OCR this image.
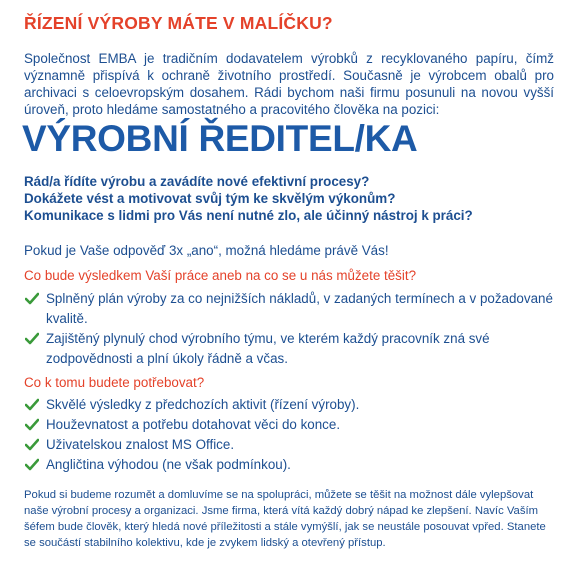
ŘÍZENÍ VÝROBY MÁTE V MALÍČKU?
Společnost EMBA je tradičním dodavatelem výrobků z recyklovaného papíru, čímž významně přispívá k ochraně životního prostředí. Současně je výrobcem obalů pro archivaci s celoevropským dosahem. Rádi bychom naši firmu posunuli na novou vyšší úroveň, proto hledáme samostatného a pracovitého člověka na pozici:
VÝROBNÍ ŘEDITEL/KA
Rád/a řídíte výrobu a zavádíte nové efektivní procesy?
Dokážete vést a motivovat svůj tým ke skvělým výkonům?
Komunikace s lidmi pro Vás není nutné zlo, ale účinný nástroj k práci?
Pokud je Vaše odpověď 3x „ano“, možná hledáme právě Vás!
Co bude výsledkem Vaší práce aneb na co se u nás můžete těšit?
Splněný plán výroby za co nejnižších nákladů, v zadaných termínech a v požadované kvalitě.
Zajištěný plynulý chod výrobního týmu, ve kterém každý pracovník zná své zodpovědnosti a plní úkoly řádně a včas.
Co k tomu budete potřebovat?
Skvělé výsledky z předchozích aktivit (řízení výroby).
Houževnatost a potřebu dotahovat věci do konce.
Uživatelskou znalost MS Office.
Angličtina výhodou (ne však podmínkou).
Pokud si budeme rozumět a domluvíme se na spolupráci, můžete se těšit na možnost dále vylepšovat naše výrobní procesy a organizaci. Jsme firma, která vítá každý dobrý nápad ke zlepšení. Navíc Vaším šéfem bude člověk, který hledá nové příležitosti a stále vymýšlí, jak se neustále posouvat vpřed. Stanete se součástí stabilního kolektivu, kde je zvykem lidský a otevřený přístup.
